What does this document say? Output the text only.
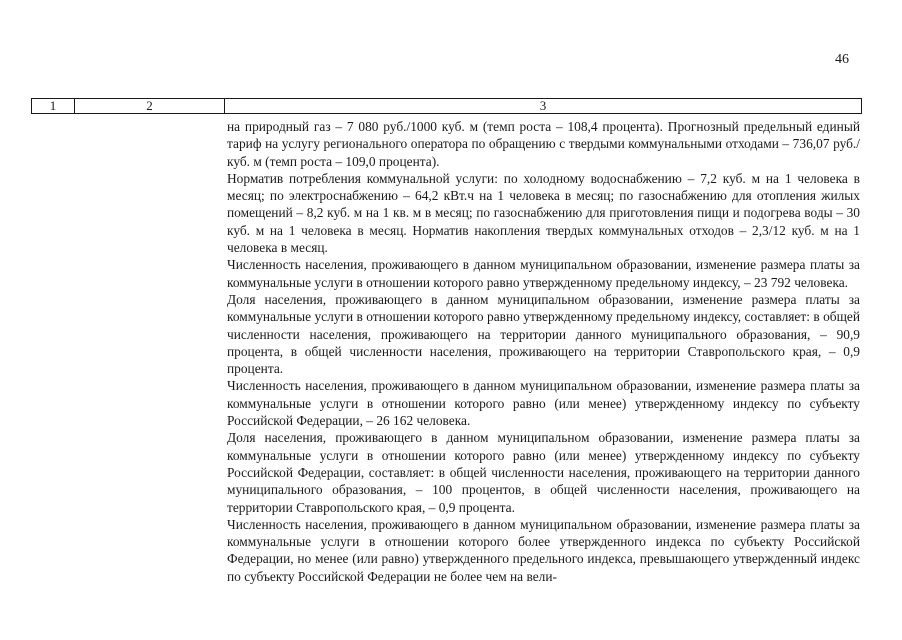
46
1	2	3

на природный газ – 7 080 руб./1000 куб. м (темп роста – 108,4 процента). Прогнозный предельный единый тариф на услугу регионального оператора по обращению с твердыми коммунальными отходами – 736,07 руб./куб. м (темп роста – 109,0 процента).

Норматив потребления коммунальной услуги: по холодному водоснабжению – 7,2 куб. м на 1 человека в месяц; по электроснабжению – 64,2 кВт.ч на 1 человека в месяц; по газоснабжению для отопления жилых помещений – 8,2 куб. м на 1 кв. м в месяц; по газоснабжению для приготовления пищи и подогрева воды – 30 куб. м на 1 человека в месяц. Норматив накопления твердых коммунальных отходов – 2,3/12 куб. м на 1 человека в месяц.

Численность населения, проживающего в данном муниципальном образовании, изменение размера платы за коммунальные услуги в отношении которого равно утвержденному предельному индексу, – 23 792 человека.

Доля населения, проживающего в данном муниципальном образовании, изменение размера платы за коммунальные услуги в отношении которого равно утвержденному предельному индексу, составляет: в общей численности населения, проживающего на территории данного муниципального образования, – 90,9 процента, в общей численности населения, проживающего на территории Ставропольского края, – 0,9 процента.

Численность населения, проживающего в данном муниципальном образовании, изменение размера платы за коммунальные услуги в отношении которого равно (или менее) утвержденному индексу по субъекту Российской Федерации, – 26 162 человека.

Доля населения, проживающего в данном муниципальном образовании, изменение размера платы за коммунальные услуги в отношении которого равно (или менее) утвержденному индексу по субъекту Российской Федерации, составляет: в общей численности населения, проживающего на территории данного муниципального образования, – 100 процентов, в общей численности населения, проживающего на территории Ставропольского края, – 0,9 процента.

Численность населения, проживающего в данном муниципальном образовании, изменение размера платы за коммунальные услуги в отношении которого более утвержденного индекса по субъекту Российской Федерации, но менее (или равно) утвержденного предельного индекса, превышающего утвержденный индекс по субъекту Российской Федерации не более чем на вели-
